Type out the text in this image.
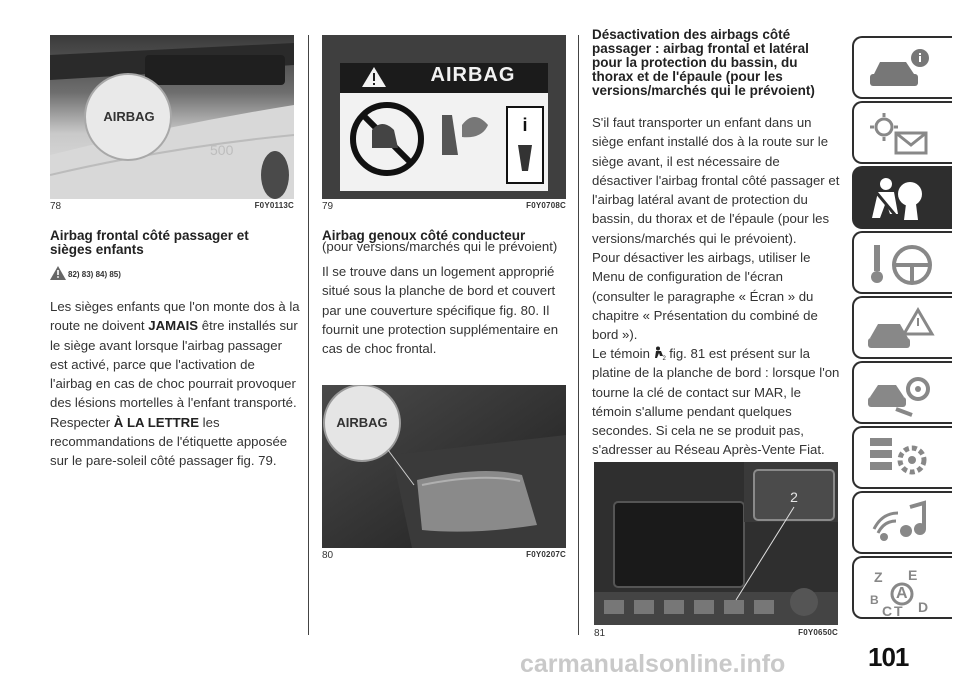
500
AIRBAG
78	F0Y0113C
Airbag frontal côté passager et sièges enfants
82) 83) 84) 85)

Les sièges enfants que l'on monte dos à la route ne doivent JAMAIS être installés sur le siège avant lorsque l'airbag passager est activé, parce que l'activation de l'airbag en cas de choc pourrait provoquer des lésions mortelles à l'enfant transporté. Respecter À LA LETTRE les recommandations de l'étiquette apposée sur le pare-soleil côté passager fig. 79.

i
AIRBAG
79	F0Y0708C
Airbag genoux côté conducteur
(pour versions/marchés qui le prévoient)

Il se trouve dans un logement approprié situé sous la planche de bord et couvert par une couverture spécifique fig. 80. Il fournit une protection supplémentaire en cas de choc frontal.

AIRBAG
80	F0Y0207C
Désactivation des airbags côté passager : airbag frontal et latéral pour la protection du bassin, du thorax et de l'épaule (pour les versions/marchés qui le prévoient)

S'il faut transporter un enfant dans un siège enfant installé dos à la route sur le siège avant, il est nécessaire de désactiver l'airbag frontal côté passager et l'airbag latéral avant de protection du bassin, du thorax et de l'épaule (pour les versions/marchés qui le prévoient).

Pour désactiver les airbags, utiliser le Menu de configuration de l'écran (consulter le paragraphe « Écran » du chapitre « Présentation du combiné de bord »).

Le témoin 2 fig. 81 est présent sur la platine de la planche de bord : lorsque l'on tourne la clé de contact sur MAR, le témoin s'allume pendant quelques secondes. Si cela ne se produit pas, s'adresser au Réseau Après-Vente Fiat.

2
81	F0Y0650C
Z E
B A
C T D
carmanualsonline.info	101
